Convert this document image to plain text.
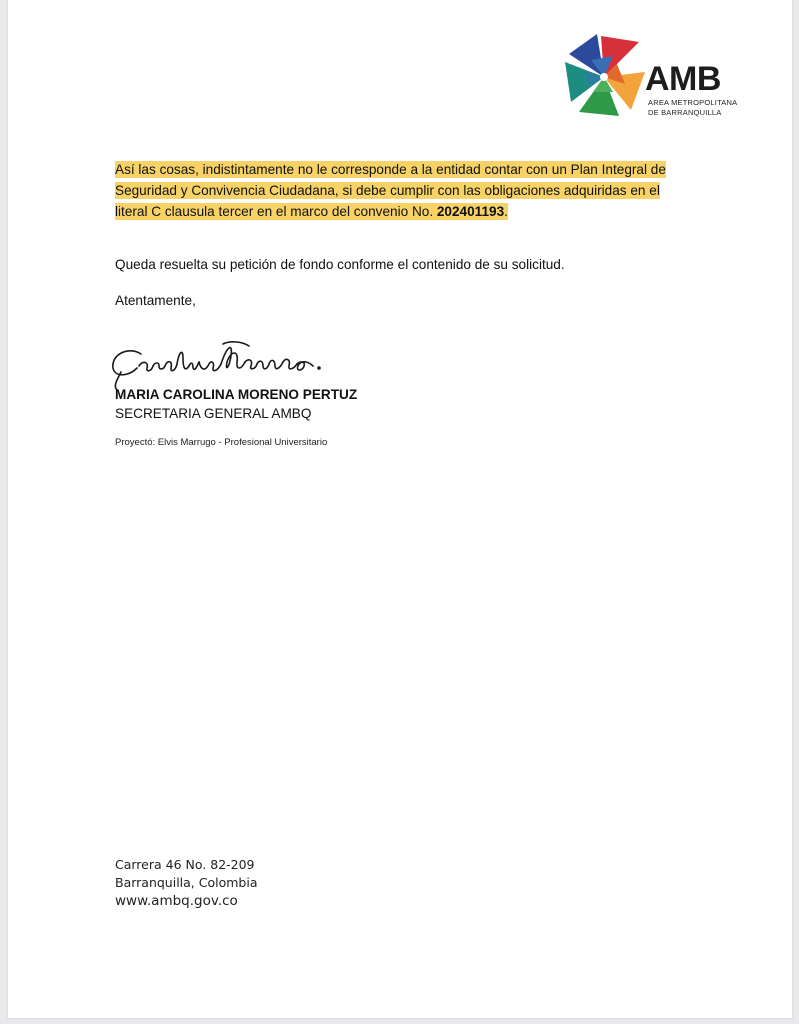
AMB
AREA METROPOLITANA
DE BARRANQUILLA
Así las cosas, indistintamente no le corresponde a la entidad contar con un Plan Integral de Seguridad y Convivencia Ciudadana, si debe cumplir con las obligaciones adquiridas en el literal C clausula tercer en el marco del convenio No. 202401193.
Queda resuelta su petición de fondo conforme el contenido de su solicitud.
Atentamente,
MARIA CAROLINA MORENO PERTUZ
SECRETARIA GENERAL AMBQ
Proyectó: Elvis Marrugo - Profesional Universitario
Carrera 46 No. 82-209
Barranquilla, Colombia
www.ambq.gov.co
